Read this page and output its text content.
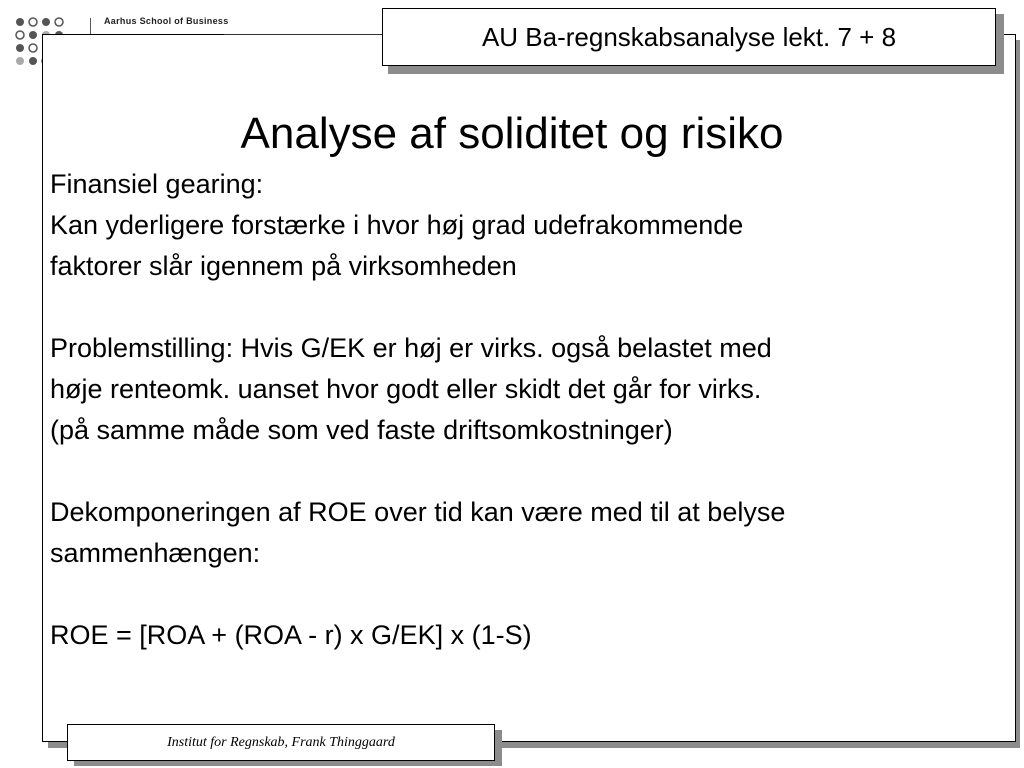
Aarhus School of Business
AU Ba-regnskabsanalyse lekt. 7 + 8
Analyse af soliditet og risiko
Finansiel gearing:
Kan yderligere forstærke i hvor høj grad udefrakommende
faktorer slår igennem på virksomheden
Problemstilling: Hvis G/EK er høj er virks. også belastet med
høje renteomk. uanset hvor godt eller skidt det går for virks.
(på samme måde som ved faste driftsomkostninger)
Dekomponeringen af ROE over tid kan være med til at belyse
sammenhængen:
ROE = [ROA + (ROA - r) x G/EK] x (1-S)
Institut for Regnskab, Frank Thinggaard
